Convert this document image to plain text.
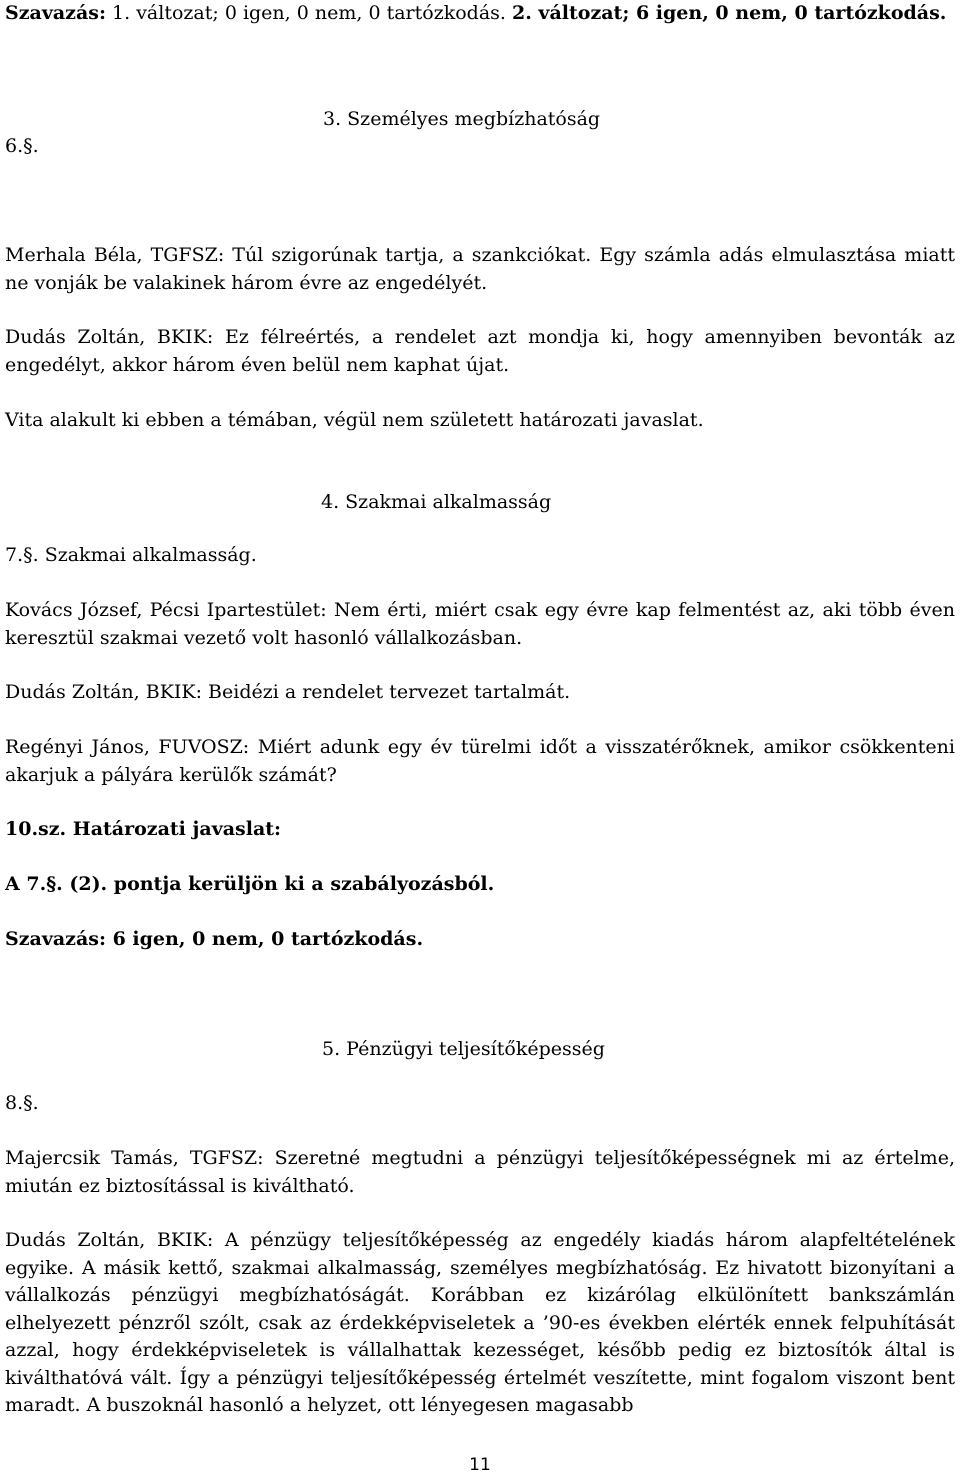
Szavazás: 1. változat; 0 igen, 0 nem, 0 tartózkodás. 2. változat; 6 igen, 0 nem, 0 tartózkodás.

3. Személyes megbízhatóság

6.§.

Merhala Béla, TGFSZ: Túl szigorúnak tartja, a szankciókat. Egy számla adás elmulasztása miatt ne vonják be valakinek három évre az engedélyét.

Dudás Zoltán, BKIK: Ez félreértés, a rendelet azt mondja ki, hogy amennyiben bevonták az engedélyt, akkor három éven belül nem kaphat újat.

Vita alakult ki ebben a témában, végül nem született határozati javaslat.

4. Szakmai alkalmasság

7.§. Szakmai alkalmasság.

Kovács József, Pécsi Ipartestület: Nem érti, miért csak egy évre kap felmentést az, aki több éven keresztül szakmai vezető volt hasonló vállalkozásban.

Dudás Zoltán, BKIK: Beidézi a rendelet tervezet tartalmát.

Regényi János, FUVOSZ: Miért adunk egy év türelmi időt a visszatérőknek, amikor csökkenteni akarjuk a pályára kerülők számát?

10.sz. Határozati javaslat:

A 7.§. (2). pontja kerüljön ki a szabályozásból.

Szavazás: 6 igen, 0 nem, 0 tartózkodás.

5. Pénzügyi teljesítőképesség

8.§.

Majercsik Tamás, TGFSZ: Szeretné megtudni a pénzügyi teljesítőképességnek mi az értelme, miután ez biztosítással is kiváltható.

Dudás Zoltán, BKIK: A pénzügy teljesítőképesség az engedély kiadás három alapfeltételének egyike. A másik kettő, szakmai alkalmasság, személyes megbízhatóság. Ez hivatott bizonyítani a vállalkozás pénzügyi megbízhatóságát. Korábban ez kizárólag elkülönített bankszámlán elhelyezett pénzről szólt, csak az érdekképviseletek a ’90-es években elérték ennek felpuhítását azzal, hogy érdekképviseletek is vállalhattak kezességet, később pedig ez biztosítók által is kiválthatóvá vált. Így a pénzügyi teljesítőképesség értelmét veszítette, mint fogalom viszont bent maradt. A buszoknál hasonló a helyzet, ott lényegesen magasabb

11
